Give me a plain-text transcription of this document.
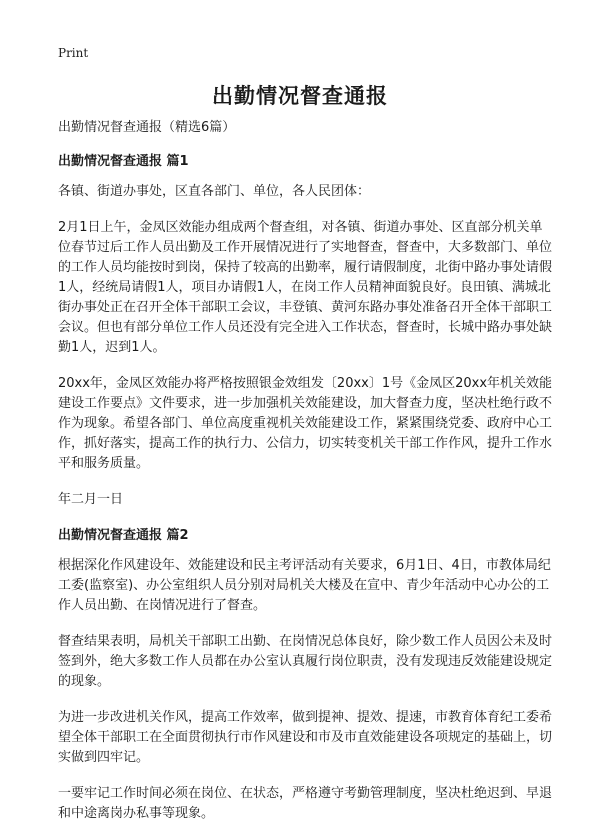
Print
出勤情况督查通报

出勤情况督查通报（精选6篇）

出勤情况督查通报 篇1

各镇、街道办事处，区直各部门、单位，各人民团体：

2月1日上午，金凤区效能办组成两个督查组，对各镇、街道办事处、区直部分机关单位春节过后工作人员出勤及工作开展情况进行了实地督查，督查中，大多数部门、单位的工作人员均能按时到岗，保持了较高的出勤率，履行请假制度，北街中路办事处请假1人，经统局请假1人，项目办请假1人，在岗工作人员精神面貌良好。良田镇、满城北街办事处正在召开全体干部职工会议，丰登镇、黄河东路办事处准备召开全体干部职工会议。但也有部分单位工作人员还没有完全进入工作状态，督查时，长城中路办事处缺勤1人，迟到1人。

20xx年，金凤区效能办将严格按照银金效组发〔20xx〕1号《金凤区20xx年机关效能建设工作要点》文件要求，进一步加强机关效能建设，加大督查力度，坚决杜绝行政不作为现象。希望各部门、单位高度重视机关效能建设工作，紧紧围绕党委、政府中心工作，抓好落实，提高工作的执行力、公信力，切实转变机关干部工作作风，提升工作水平和服务质量。

年二月一日

出勤情况督查通报 篇2

根据深化作风建设年、效能建设和民主考评活动有关要求，6月1日、4日，市教体局纪工委(监察室)、办公室组织人员分别对局机关大楼及在宣中、青少年活动中心办公的工作人员出勤、在岗情况进行了督查。

督查结果表明，局机关干部职工出勤、在岗情况总体良好，除少数工作人员因公未及时签到外，绝大多数工作人员都在办公室认真履行岗位职责，没有发现违反效能建设规定的现象。

为进一步改进机关作风，提高工作效率，做到提神、提效、提速，市教育体育纪工委希望全体干部职工在全面贯彻执行市作风建设和市及市直效能建设各项规定的基础上，切实做到四牢记。

一要牢记工作时间必须在岗位、在状态，严格遵守考勤管理制度，坚决杜绝迟到、早退和中途离岗办私事等现象。
